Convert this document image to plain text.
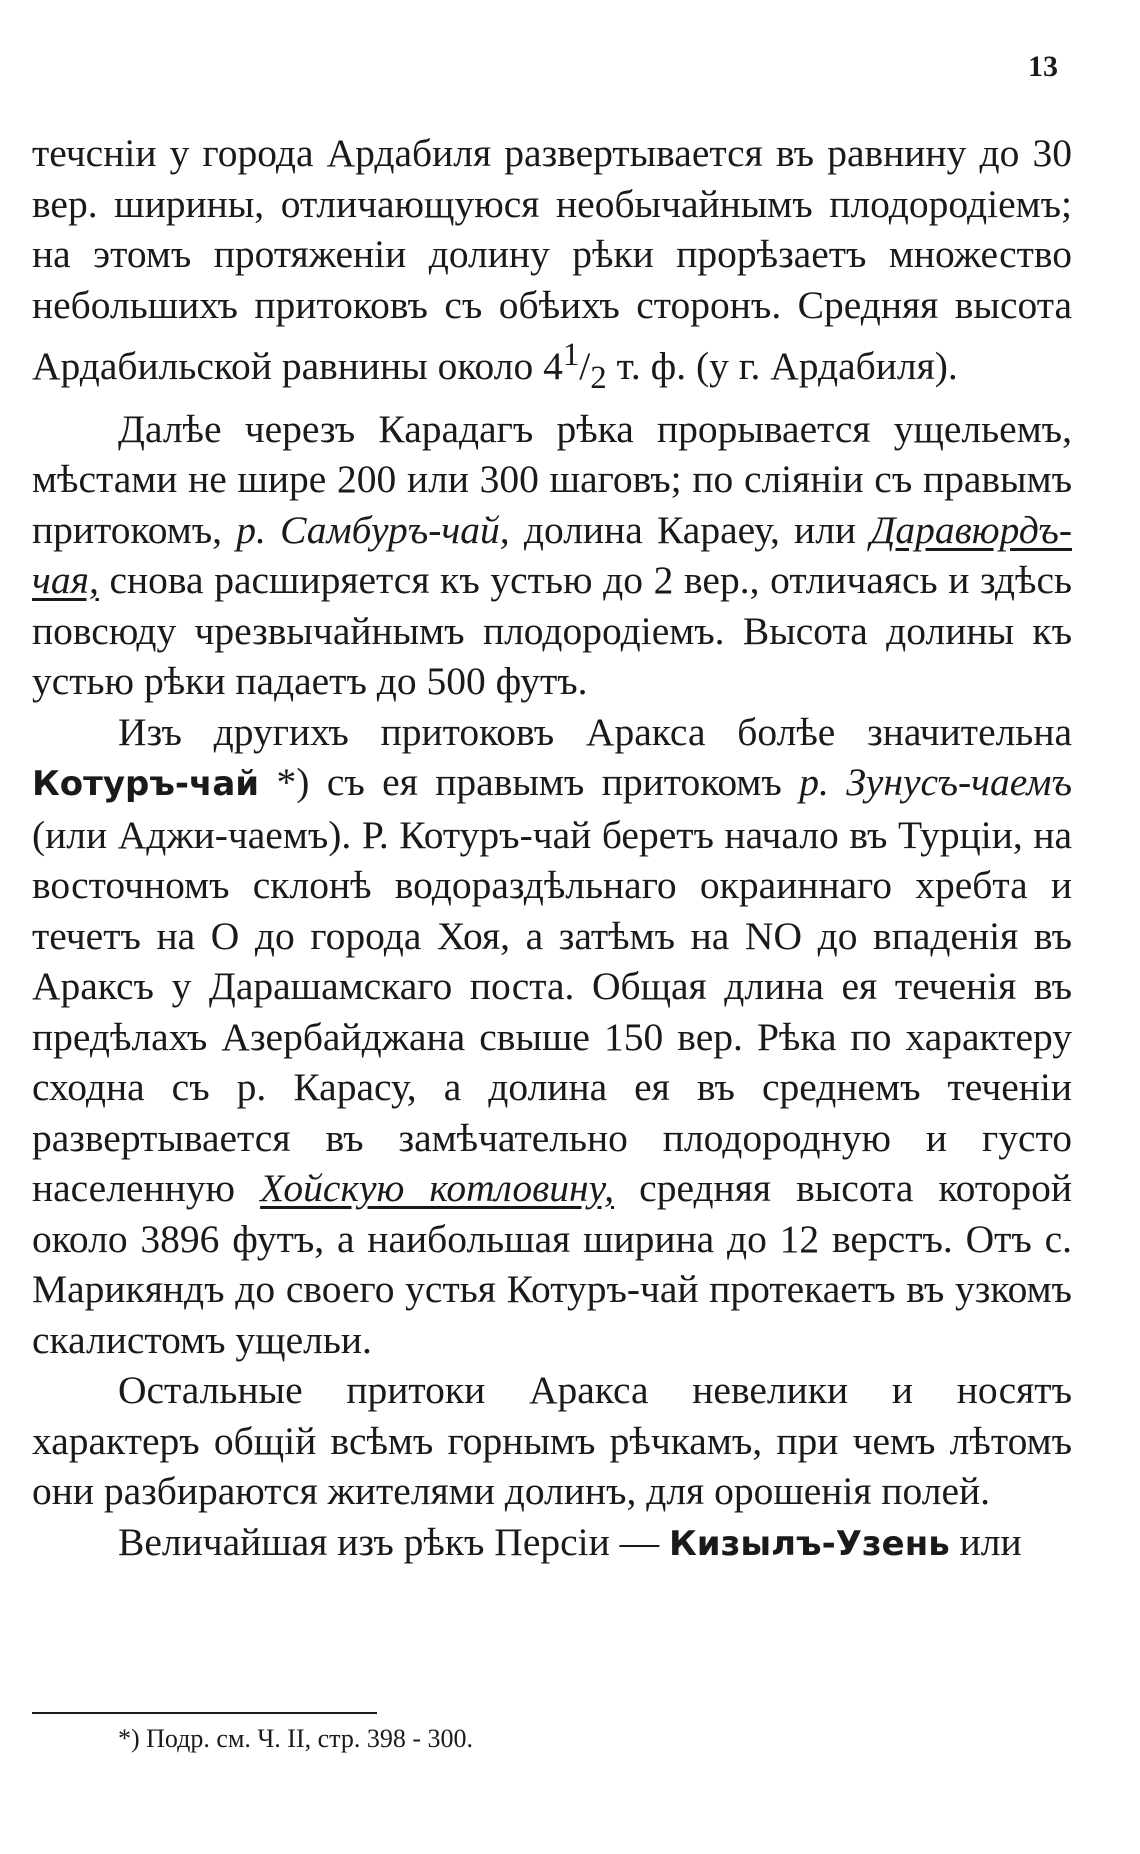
13

течснiи у города Ардабиля развертывается въ равнину до 30 вер. ширины, отличающуюся необычайнымъ плодородiемъ; на этомъ протяженiи долину рѣки прорѣзаетъ множество небольшихъ притоковъ съ обѣихъ сторонъ. Средняя высота Ардабильской равнины около $4^1/_2$ т. ф. (у г. Ардабиля).

Далѣе черезъ Карадагъ рѣка прорывается ущельемъ, мѣстами не шире 200 или 300 шаговъ; по сліянiи съ правымъ притокомъ, р. Самбуръ-чай, долина Караеу, или Даравюрдъ-чая, снова расширяется къ устью до 2 вер., отличаясь и здѣсь повсюду чрезвычайнымъ плодородiемъ. Высота долины къ устью рѣки падаетъ до 500 футъ.

Изъ другихъ притоковъ Аракса болѣе значительна Котуръ-чай *) съ ея правымъ притокомъ р. Зунусъ-чаемъ (или Аджи-чаемъ). Р. Котуръ-чай беретъ начало въ Турцiи, на восточномъ склонѣ водораздѣльнаго окраиннаго хребта и течетъ на O до города Хоя, а затѣмъ на NO до впаденiя въ Араксъ у Дарашамскаго поста. Общая длина ея теченiя въ предѣлахъ Азербайджана свыше 150 вер. Рѣка по характеру сходна съ р. Карасу, а долина ея въ среднемъ теченiи развертывается въ замѣчательно плодородную и густо населенную Хойскую котловину, средняя высота которой около 3896 футъ, а наибольшая ширина до 12 верстъ. Отъ с. Марикяндъ до своего устья Котуръ-чай протекаетъ въ узкомъ скалистомъ ущельи.

Остальные притоки Аракса невелики и носятъ характеръ общiй всѣмъ горнымъ рѣчкамъ, при чемъ лѣтомъ они разбираются жителями долинъ, для орошенiя полей.

Величайшая изъ рѣкъ Персiи — Кизылъ-Узень или

*) Подр. см. Ч. II, стр. 398 - 300.
